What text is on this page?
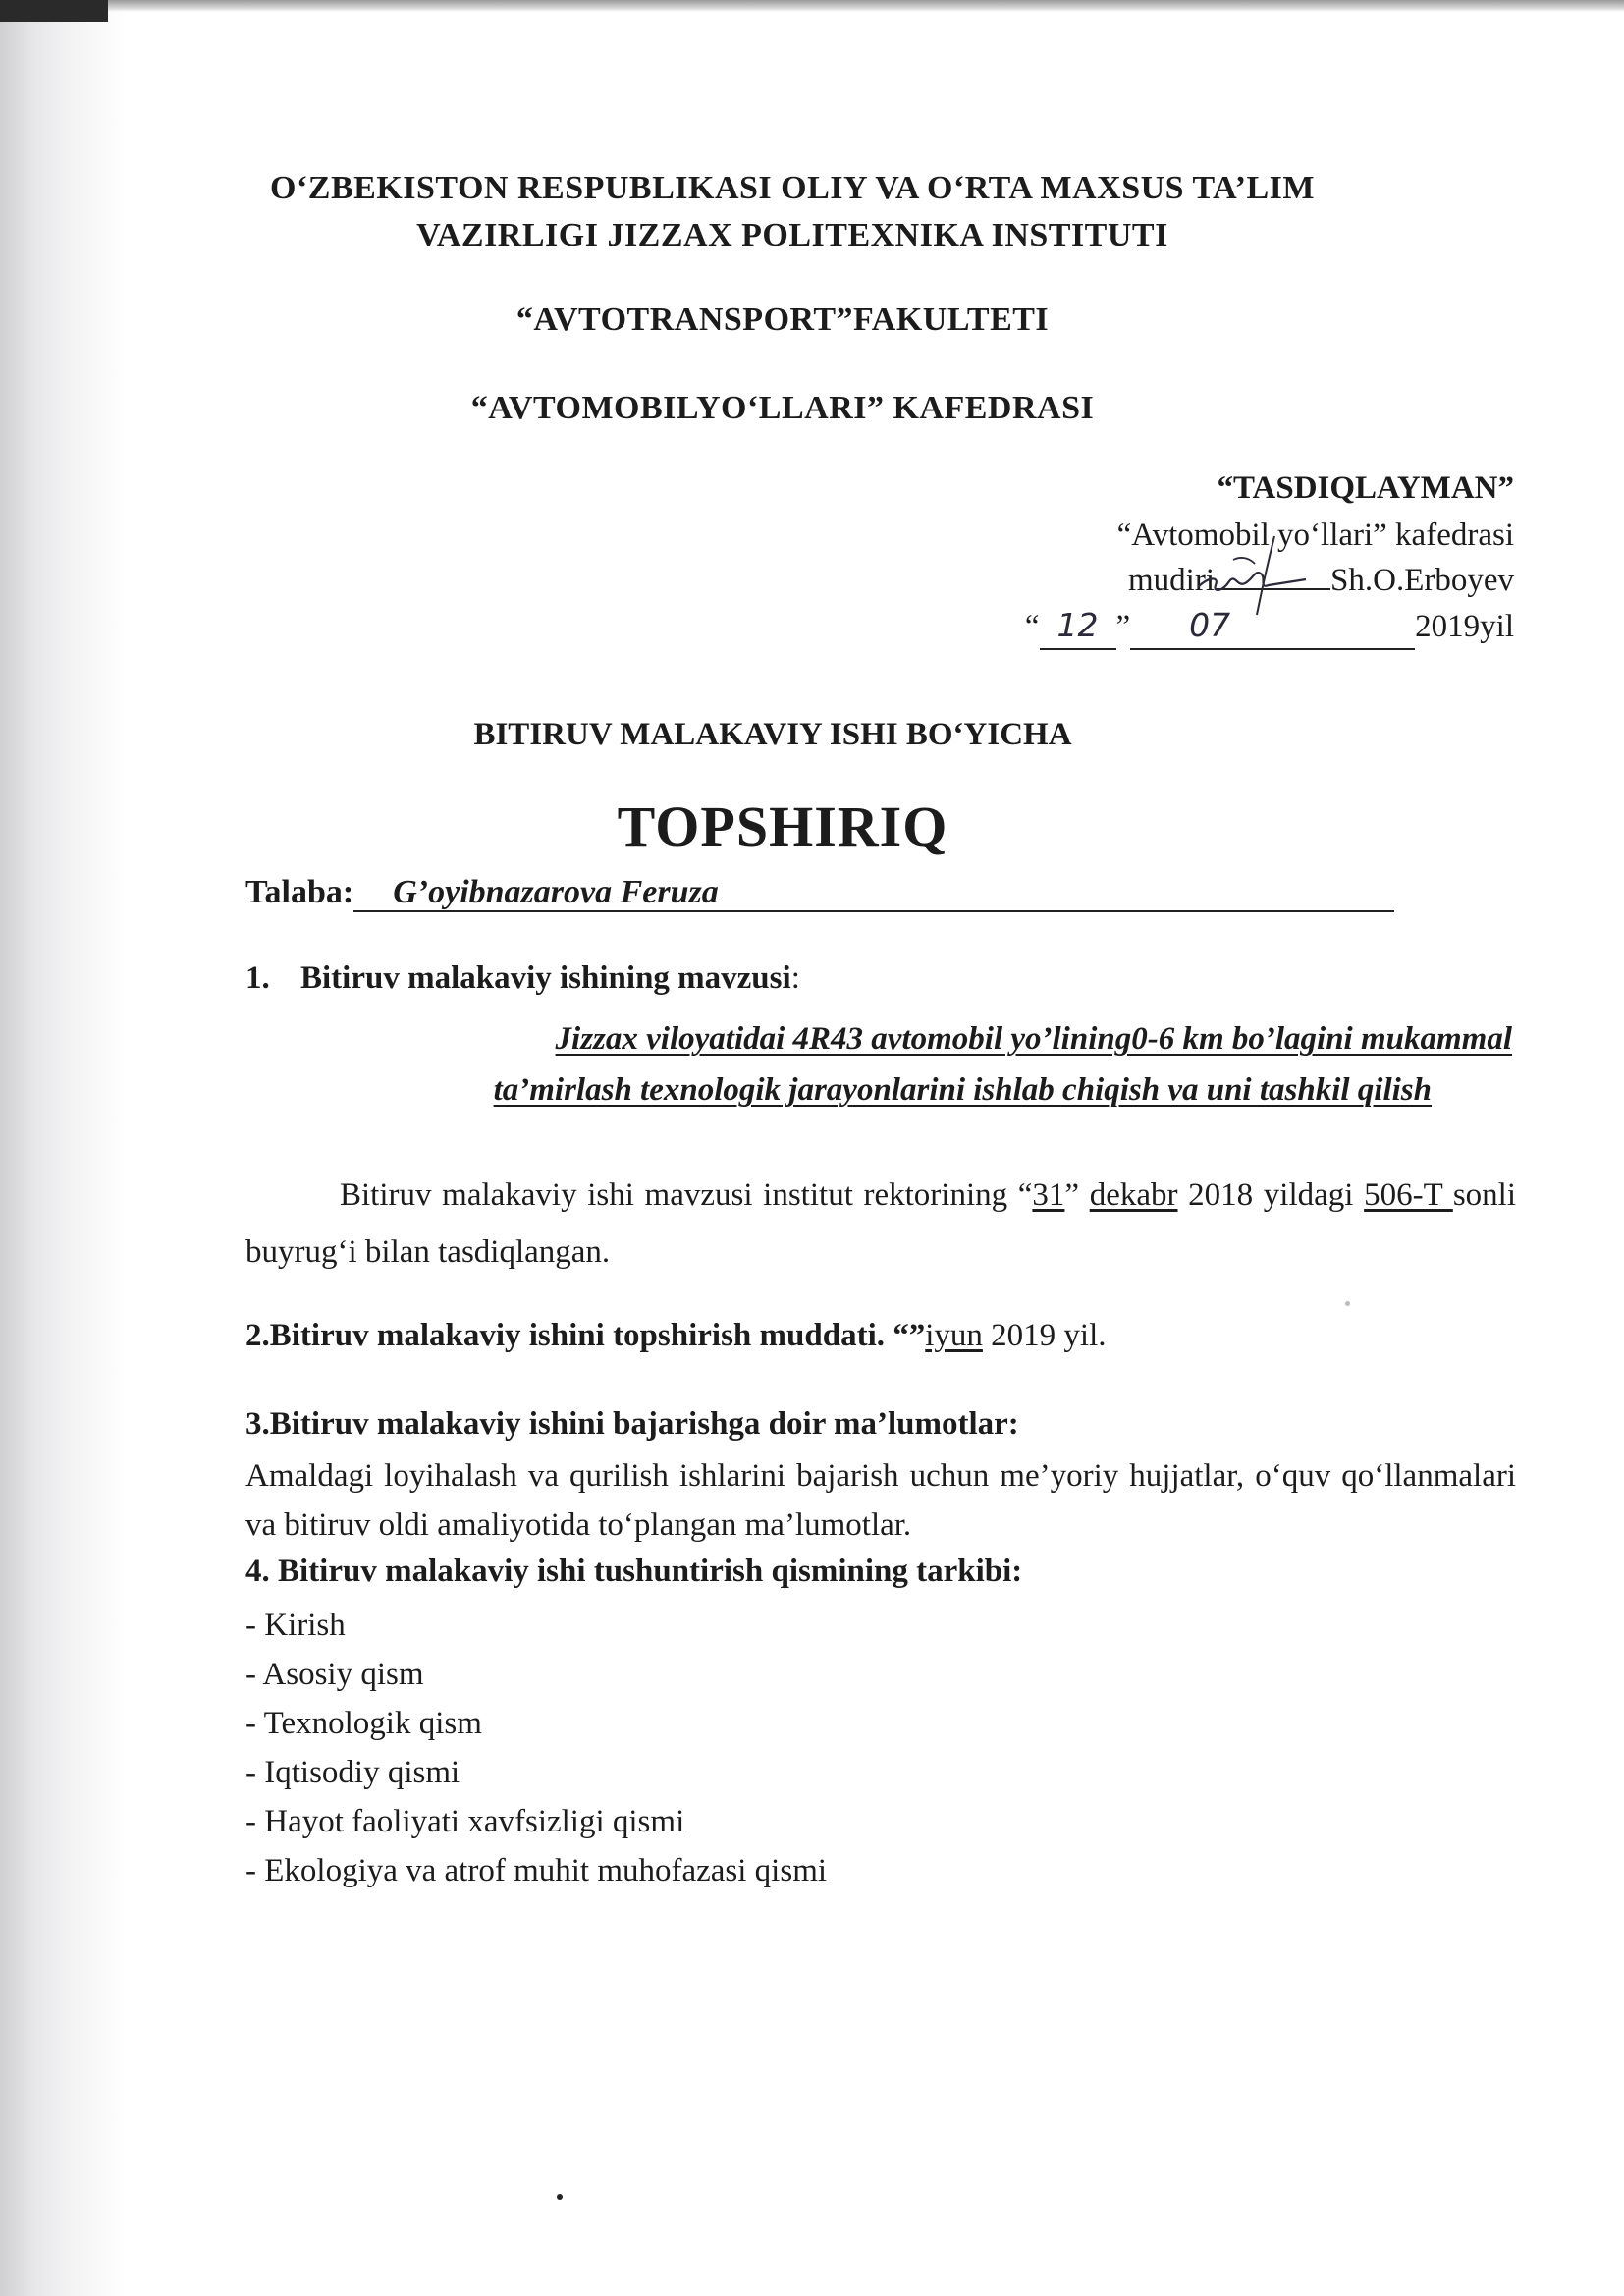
O‘ZBEKISTON RESPUBLIKASI OLIY VA O‘RTA MAXSUS TA’LIM
VAZIRLIGI JIZZAX POLITEXNIKA INSTITUTI
“AVTOTRANSPORT”FAKULTETI
“AVTOMOBILYO‘LLARI” KAFEDRASI
“TASDIQLAYMAN”
“Avtomobil yo‘llari” kafedrasi
mudiri	Sh.O.Erboyev
“ 12 ” 07	2019yil
BITIRUV MALAKAVIY ISHI BO‘YICHA
TOPSHIRIQ
Talaba: G’oyibnazarova Feruza
1. Bitiruv malakaviy ishining mavzusi:
Jizzax viloyatidai 4R43 avtomobil yo’lining0-6 km bo’lagini mukammal
ta’mirlash texnologik jarayonlarini ishlab chiqish va uni tashkil qilish
Bitiruv malakaviy ishi mavzusi institut rektorining “31” dekabr 2018 yildagi 506-T sonli buyrug‘i bilan tasdiqlangan.
2.Bitiruv malakaviy ishini topshirish muddati. “”iyun 2019 yil.
3.Bitiruv malakaviy ishini bajarishga doir ma’lumotlar:
Amaldagi loyihalash va qurilish ishlarini bajarish uchun me’yoriy hujjatlar, o‘quv qo‘llanmalari va bitiruv oldi amaliyotida to‘plangan ma’lumotlar.
4. Bitiruv malakaviy ishi tushuntirish qismining tarkibi:
- Kirish
- Asosiy qism
- Texnologik qism
- Iqtisodiy qismi
- Hayot faoliyati xavfsizligi qismi
- Ekologiya va atrof muhit muhofazasi qismi
